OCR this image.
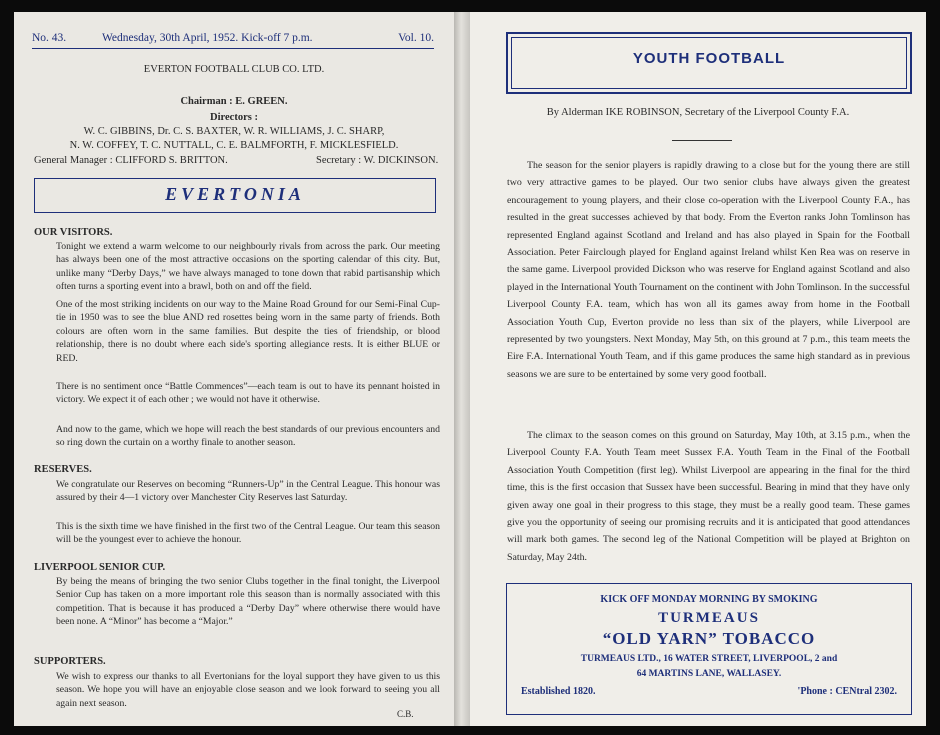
No. 43.	Wednesday, 30th April, 1952. Kick-off 7 p.m.	Vol. 10.
EVERTON FOOTBALL CLUB CO. LTD.
Chairman : E. GREEN.
Directors :
W. C. GIBBINS, Dr. C. S. BAXTER, W. R. WILLIAMS, J. C. SHARP,
N. W. COFFEY, T. C. NUTTALL, C. E. BALMFORTH, F. MICKLESFIELD.
General Manager : CLIFFORD S. BRITTON.	Secretary : W. DICKINSON.
EVERTONIA
OUR VISITORS.

Tonight we extend a warm welcome to our neighbourly rivals from across the park. Our meeting has always been one of the most attractive occasions on the sporting calendar of this city. But, unlike many “Derby Days,” we have always managed to tone down that rabid partisanship which often turns a sporting event into a brawl, both on and off the field.

One of the most striking incidents on our way to the Maine Road Ground for our Semi-Final Cup-tie in 1950 was to see the blue AND red rosettes being worn in the same party of friends. Both colours are often worn in the same families. But despite the ties of friendship, or blood relationship, there is no doubt where each side's sporting allegiance rests. It is either BLUE or RED.

There is no sentiment once “Battle Commences”—each team is out to have its pennant hoisted in victory. We expect it of each other ; we would not have it otherwise.

And now to the game, which we hope will reach the best standards of our previous encounters and so ring down the curtain on a worthy finale to another season.

RESERVES.

We congratulate our Reserves on becoming “Runners-Up” in the Central League. This honour was assured by their 4—1 victory over Manchester City Reserves last Saturday.

This is the sixth time we have finished in the first two of the Central League. Our team this season will be the youngest ever to achieve the honour.

LIVERPOOL SENIOR CUP.

By being the means of bringing the two senior Clubs together in the final tonight, the Liverpool Senior Cup has taken on a more important role this season than is normally associated with this competition. That is because it has produced a “Derby Day” where otherwise there would have been none. A “Minor” has become a “Major.”

SUPPORTERS.

We wish to express our thanks to all Evertonians for the loyal support they have given to us this season. We hope you will have an enjoyable close season and we look forward to seeing you all again next season.

C.B.
YOUTH FOOTBALL
By Alderman IKE ROBINSON, Secretary of the Liverpool County F.A.

The season for the senior players is rapidly drawing to a close but for the young there are still two very attractive games to be played. Our two senior clubs have always given the greatest encouragement to young players, and their close co-operation with the Liverpool County F.A., has resulted in the great successes achieved by that body. From the Everton ranks John Tomlinson has represented England against Scotland and Ireland and has also played in Spain for the Football Association. Peter Fairclough played for England against Ireland whilst Ken Rea was on reserve in the same game. Liverpool provided Dickson who was reserve for England against Scotland and also played in the International Youth Tournament on the continent with John Tomlinson. In the successful Liverpool County F.A. team, which has won all its games away from home in the Football Association Youth Cup, Everton provide no less than six of the players, while Liverpool are represented by two youngsters. Next Monday, May 5th, on this ground at 7 p.m., this team meets the Eire F.A. International Youth Team, and if this game produces the same high standard as in previous seasons we are sure to be entertained by some very good football.

The climax to the season comes on this ground on Saturday, May 10th, at 3.15 p.m., when the Liverpool County F.A. Youth Team meet Sussex F.A. Youth Team in the Final of the Football Association Youth Competition (first leg). Whilst Liverpool are appearing in the final for the third time, this is the first occasion that Sussex have been successful. Bearing in mind that they have only given away one goal in their progress to this stage, they must be a really good team. These games give you the opportunity of seeing our promising recruits and it is anticipated that good attendances will mark both games. The second leg of the National Competition will be played at Brighton on Saturday, May 24th.

KICK OFF MONDAY MORNING BY SMOKING
TURMEAUS
“OLD YARN” TOBACCO
TURMEAUS LTD., 16 WATER STREET, LIVERPOOL, 2 and
64 MARTINS LANE, WALLASEY.
Established 1820.	'Phone : CENtral 2302.
